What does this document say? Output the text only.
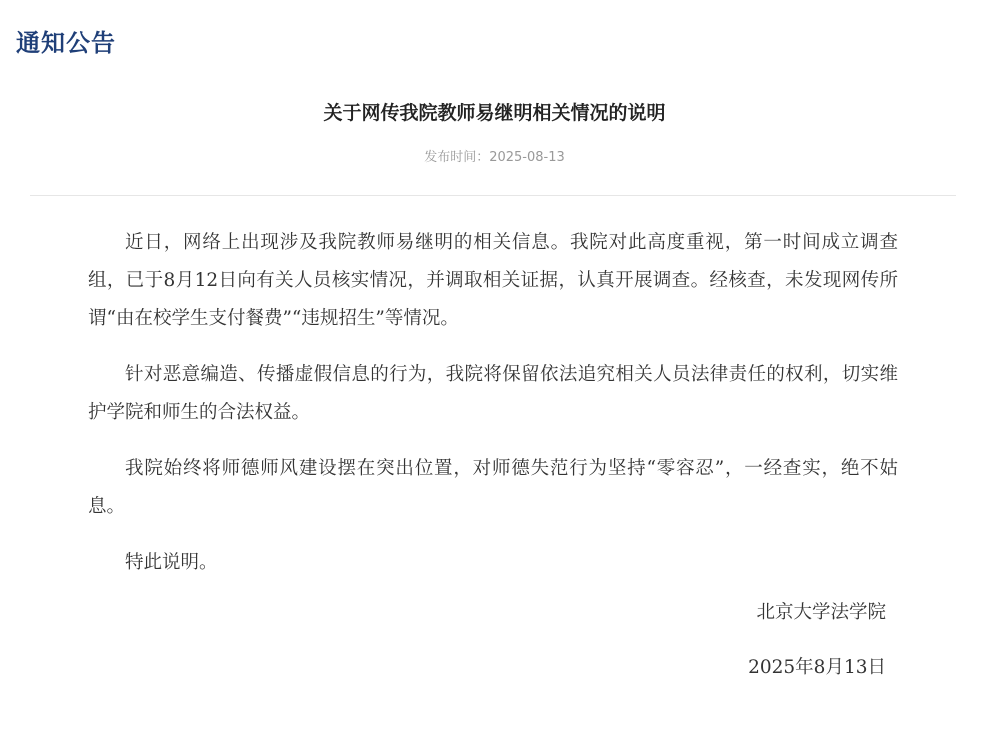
通知公告
关于网传我院教师易继明相关情况的说明
发布时间：2025-08-13

近日，网络上出现涉及我院教师易继明的相关信息。我院对此高度重视，第一时间成立调查组，已于8月12日向有关人员核实情况，并调取相关证据，认真开展调查。经核查，未发现网传所谓“由在校学生支付餐费”“违规招生”等情况。

针对恶意编造、传播虚假信息的行为，我院将保留依法追究相关人员法律责任的权利，切实维护学院和师生的合法权益。

我院始终将师德师风建设摆在突出位置，对师德失范行为坚持“零容忍”，一经查实，绝不姑息。

特此说明。

北京大学法学院
2025年8月13日
